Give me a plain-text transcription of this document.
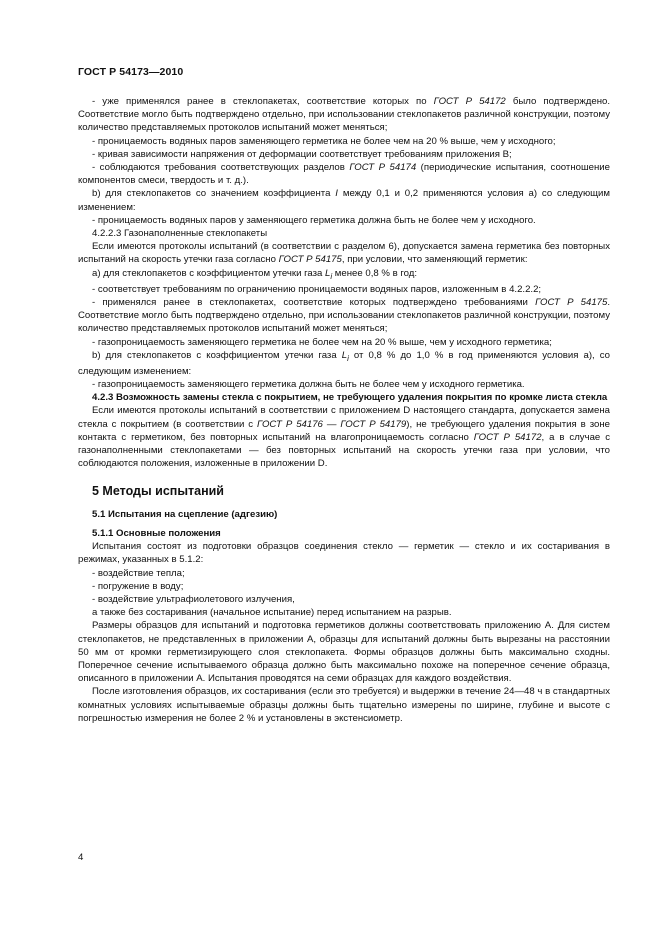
ГОСТ Р 54173—2010

- уже применялся ранее в стеклопакетах, соответствие которых по ГОСТ Р 54172 было подтверждено. Соответствие могло быть подтверждено отдельно, при использовании стеклопакетов различной конструкции, поэтому количество представляемых протоколов испытаний может меняться;

- проницаемость водяных паров заменяющего герметика не более чем на 20 % выше, чем у исходного;

- кривая зависимости напряжения от деформации соответствует требованиям приложения В;

- соблюдаются требования соответствующих разделов ГОСТ Р 54174 (периодические испытания, соотношение компонентов смеси, твердость и т. д.).

b) для стеклопакетов со значением коэффициента I между 0,1 и 0,2 применяются условия а) со следующим изменением:

- проницаемость водяных паров у заменяющего герметика должна быть не более чем у исходного.

4.2.2.3 Газонаполненные стеклопакеты

Если имеются протоколы испытаний (в соответствии с разделом 6), допускается замена герметика без повторных испытаний на скорость утечки газа согласно ГОСТ Р 54175, при условии, что заменяющий герметик:

a) для стеклопакетов с коэффициентом утечки газа $L_i$ менее 0,8 % в год:

- соответствует требованиям по ограничению проницаемости водяных паров, изложенным в 4.2.2.2;

- применялся ранее в стеклопакетах, соответствие которых подтверждено требованиями ГОСТ Р 54175. Соответствие могло быть подтверждено отдельно, при использовании стеклопакетов различной конструкции, поэтому количество представляемых протоколов испытаний может меняться;

- газопроницаемость заменяющего герметика не более чем на 20 % выше, чем у исходного герметика;

b) для стеклопакетов с коэффициентом утечки газа $L_i$ от 0,8 % до 1,0 % в год применяются условия а), со следующим изменением:

- газопроницаемость заменяющего герметика должна быть не более чем у исходного герметика.

4.2.3 Возможность замены стекла с покрытием, не требующего удаления покрытия по кромке листа стекла

Если имеются протоколы испытаний в соответствии с приложением D настоящего стандарта, допускается замена стекла с покрытием (в соответствии с ГОСТ Р 54176 — ГОСТ Р 54179), не требующего удаления покрытия в зоне контакта с герметиком, без повторных испытаний на влагопроницаемость согласно ГОСТ Р 54172, а в случае с газонаполненными стеклопакетами — без повторных испытаний на скорость утечки газа при условии, что соблюдаются положения, изложенные в приложении D.

5 Методы испытаний
5.1 Испытания на сцепление (адгезию)
5.1.1 Основные положения

Испытания состоят из подготовки образцов соединения стекло — герметик — стекло и их состаривания в режимах, указанных в 5.1.2:

- воздействие тепла;

- погружение в воду;

- воздействие ультрафиолетового излучения,

а также без состаривания (начальное испытание) перед испытанием на разрыв.

Размеры образцов для испытаний и подготовка герметиков должны соответствовать приложению А. Для систем стеклопакетов, не представленных в приложении А, образцы для испытаний должны быть вырезаны на расстоянии 50 мм от кромки герметизирующего слоя стеклопакета. Формы образцов должны быть максимально сходны. Поперечное сечение испытываемого образца должно быть максимально похоже на поперечное сечение образца, описанного в приложении А. Испытания проводятся на семи образцах для каждого воздействия.

После изготовления образцов, их состаривания (если это требуется) и выдержки в течение 24—48 ч в стандартных комнатных условиях испытываемые образцы должны быть тщательно измерены по ширине, глубине и высоте с погрешностью измерения не более 2 % и установлены в экстенсиометр.

4
